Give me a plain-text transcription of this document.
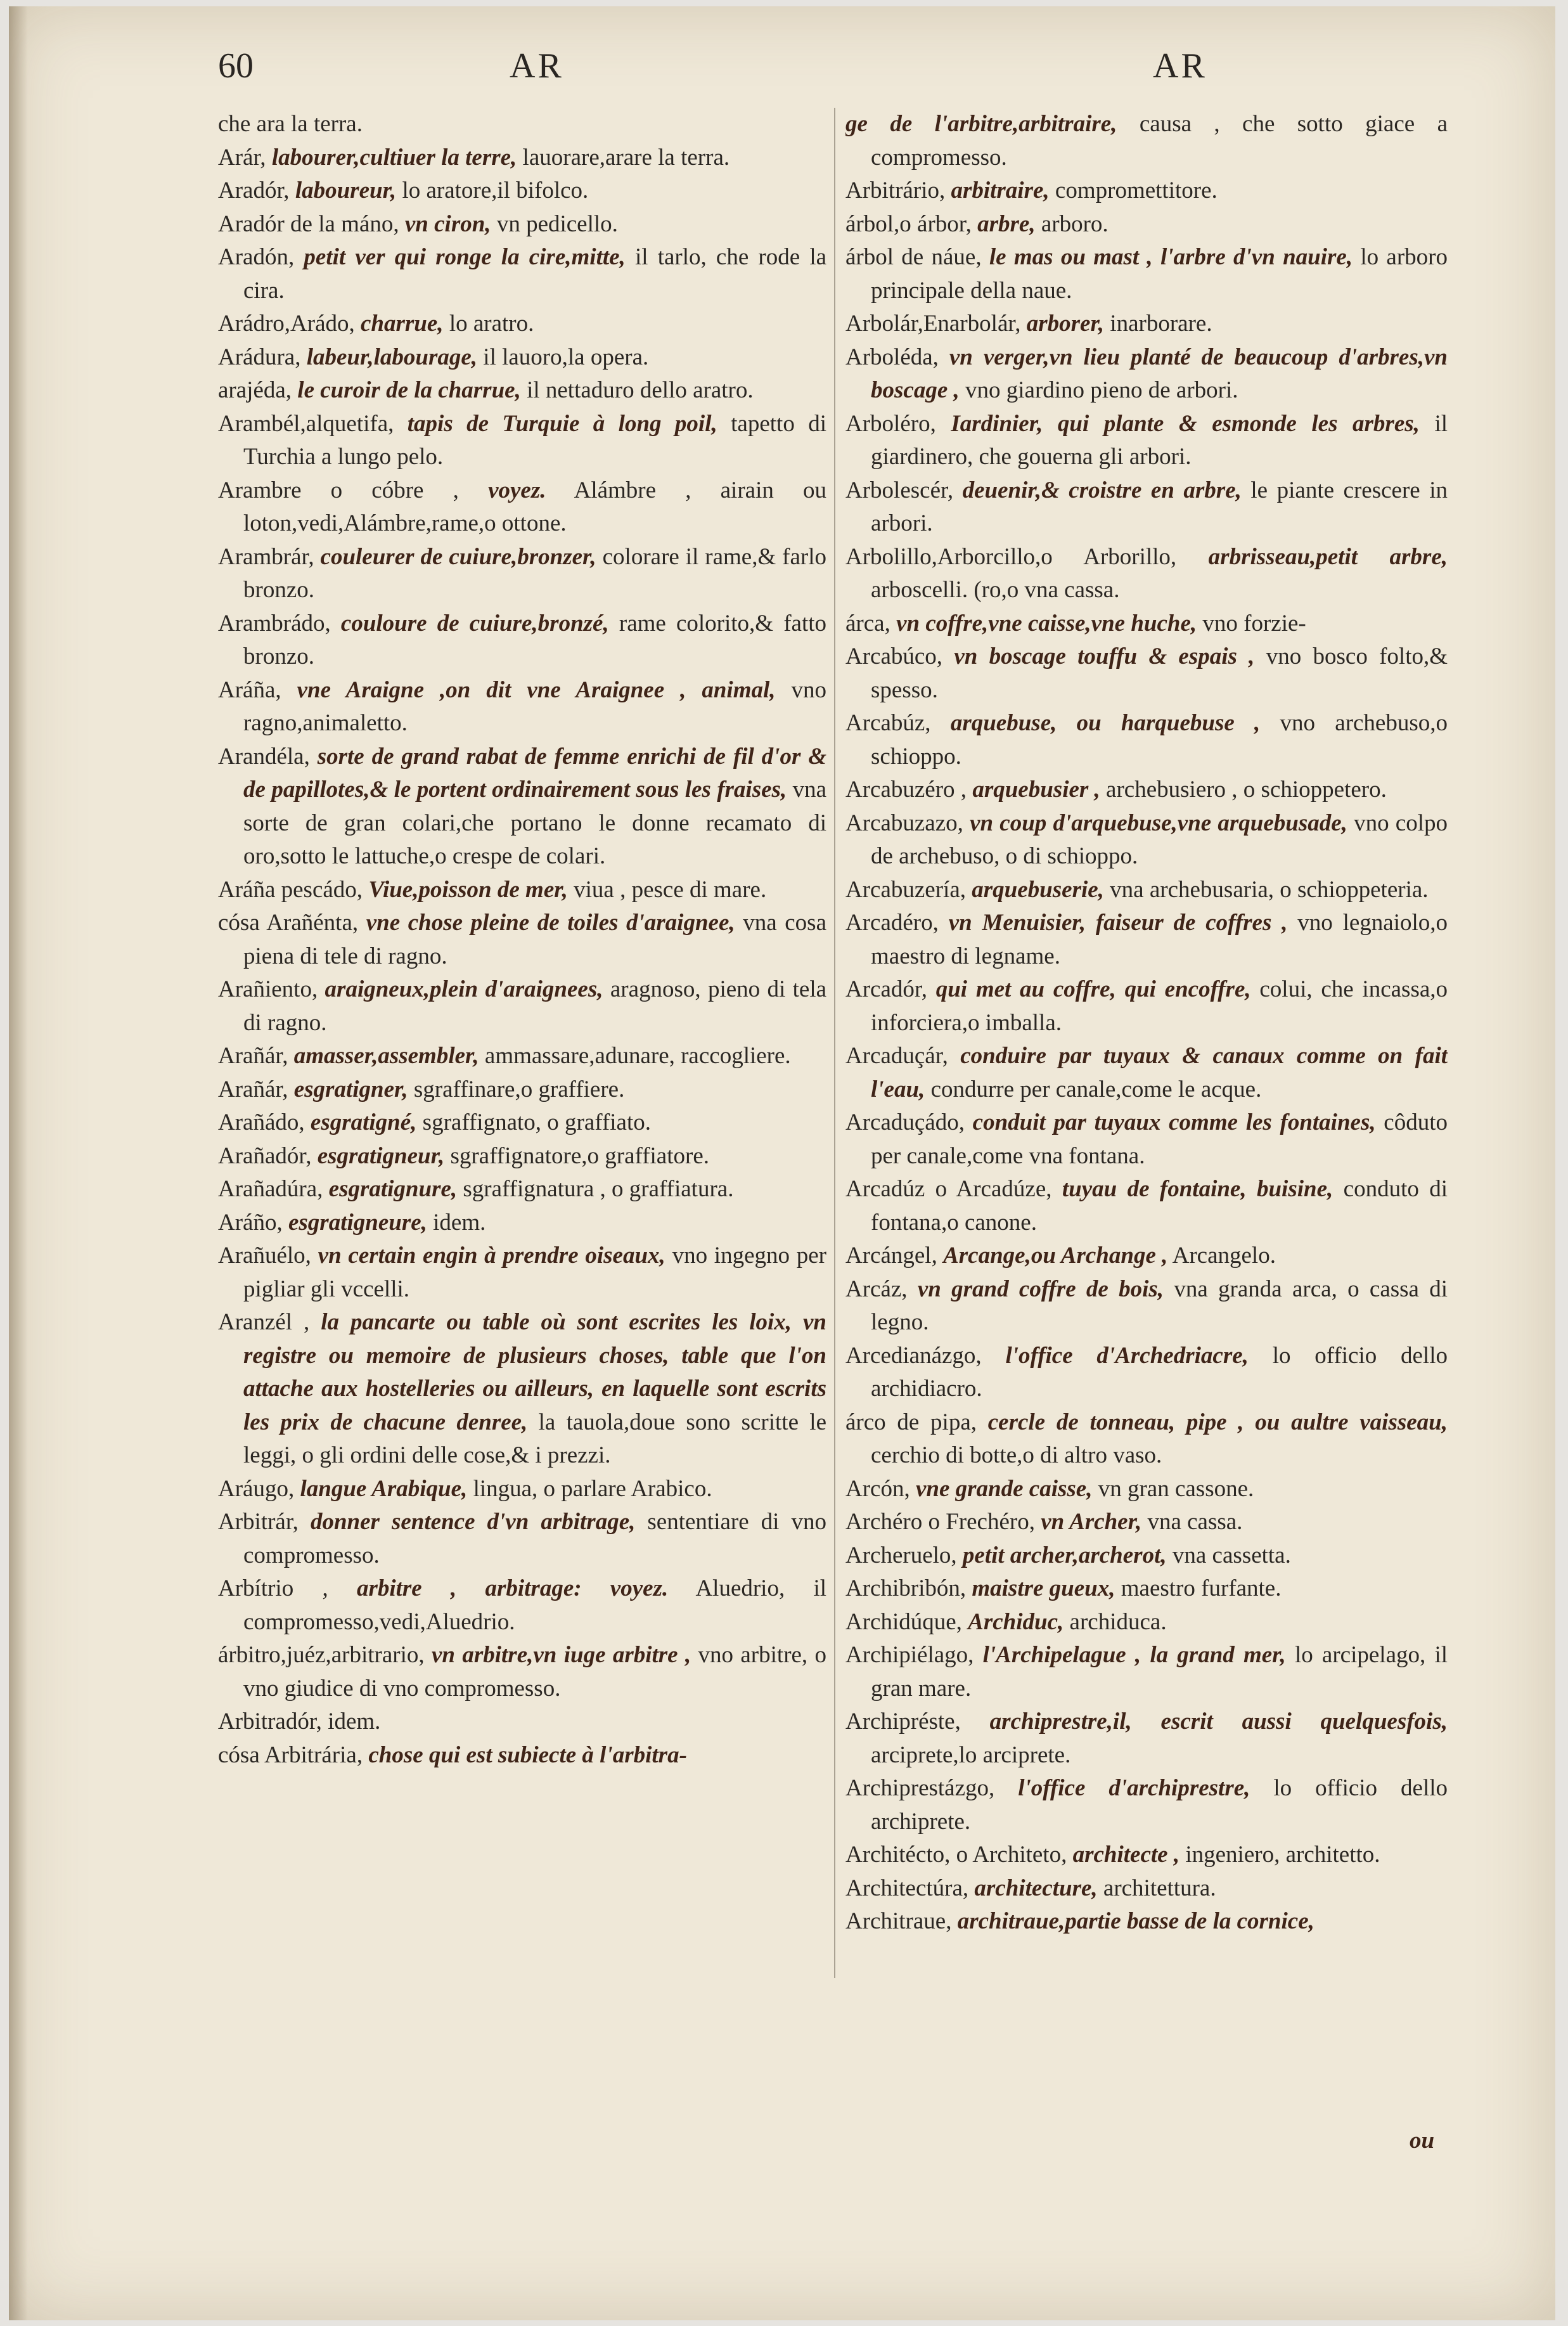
60	AR	AR

che ara la terra.

Arár, labourer,cultiuer la terre, lauorare,arare la terra.

Aradór, laboureur, lo aratore,il bifolco.

Aradór de la máno, vn ciron, vn pedicello.

Aradón, petit ver qui ronge la cire,mitte, il tarlo, che rode la cira.

Arádro,Arádo, charrue, lo aratro.

Arádura, labeur,labourage, il lauoro,la opera.

arajéda, le curoir de la charrue, il nettaduro dello aratro.

Arambél,alquetifa, tapis de Turquie à long poil, tapetto di Turchia a lungo pelo.

Arambre o cóbre , voyez. Alámbre , airain ou loton,vedi,Alámbre,rame,o ottone.

Arambrár, couleurer de cuiure,bronzer, colorare il rame,& farlo bronzo.

Arambrádo, couloure de cuiure,bronzé, rame colorito,& fatto bronzo.

Aráña, vne Araigne ,on dit vne Araignee , animal, vno ragno,animaletto.

Arandéla, sorte de grand rabat de femme enrichi de fil d'or & de papillotes,& le portent ordinairement sous les fraises, vna sorte de gran colari,che portano le donne recamato di oro,sotto le lattuche,o crespe de colari.

Aráña pescádo, Viue,poisson de mer, viua , pesce di mare.

cósa Arañénta, vne chose pleine de toiles d'araignee, vna cosa piena di tele di ragno.

Arañiento, araigneux,plein d'araignees, aragnoso, pieno di tela di ragno.

Arañár, amasser,assembler, ammassare,adunare, raccogliere.

Arañár, esgratigner, sgraffinare,o graffiere.

Arañádo, esgratigné, sgraffignato, o graffiato.

Arañadór, esgratigneur, sgraffignatore,o graffiatore.

Arañadúra, esgratignure, sgraffignatura , o graffiatura.

Aráño, esgratigneure, idem.

Arañuélo, vn certain engin à prendre oiseaux, vno ingegno per pigliar gli vccelli.

Aranzél , la pancarte ou table où sont escrites les loix, vn registre ou memoire de plusieurs choses, table que l'on attache aux hostelleries ou ailleurs, en laquelle sont escrits les prix de chacune denree, la tauola,doue sono scritte le leggi, o gli ordini delle cose,& i prezzi.

Aráugo, langue Arabique, lingua, o parlare Arabico.

Arbitrár, donner sentence d'vn arbitrage, sententiare di vno compromesso.

Arbítrio , arbitre , arbitrage: voyez. Aluedrio, il compromesso,vedi,Aluedrio.

árbitro,juéz,arbitrario, vn arbitre,vn iuge arbitre , vno arbitre, o vno giudice di vno compromesso.

Arbitradór, idem.

cósa Arbitrária, chose qui est subiecte à l'arbitra-

ge de l'arbitre,arbitraire, causa , che sotto giace a compromesso.

Arbitrário, arbitraire, compromettitore.

árbol,o árbor, arbre, arboro.

árbol de náue, le mas ou mast , l'arbre d'vn nauire, lo arboro principale della naue.

Arbolár,Enarbolár, arborer, inarborare.

Arboléda, vn verger,vn lieu planté de beaucoup d'arbres,vn boscage , vno giardino pieno de arbori.

Arboléro, Iardinier, qui plante & esmonde les arbres, il giardinero, che gouerna gli arbori.

Arbolescér, deuenir,& croistre en arbre, le piante crescere in arbori.

Arbolillo,Arborcillo,o Arborillo, arbrisseau,petit arbre, arboscelli. (ro,o vna cassa.

árca, vn coffre,vne caisse,vne huche, vno forzie-

Arcabúco, vn boscage touffu & espais , vno bosco folto,& spesso.

Arcabúz, arquebuse, ou harquebuse , vno archebuso,o schioppo.

Arcabuzéro , arquebusier , archebusiero , o schioppetero.

Arcabuzazo, vn coup d'arquebuse,vne arquebusade, vno colpo de archebuso, o di schioppo.

Arcabuzería, arquebuserie, vna archebusaria, o schioppeteria.

Arcadéro, vn Menuisier, faiseur de coffres , vno legnaiolo,o maestro di legname.

Arcadór, qui met au coffre, qui encoffre, colui, che incassa,o inforciera,o imballa.

Arcaduçár, conduire par tuyaux & canaux comme on fait l'eau, condurre per canale,come le acque.

Arcaduçádo, conduit par tuyaux comme les fontaines, côduto per canale,come vna fontana.

Arcadúz o Arcadúze, tuyau de fontaine, buisine, conduto di fontana,o canone.

Arcángel, Arcange,ou Archange , Arcangelo.

Arcáz, vn grand coffre de bois, vna granda arca, o cassa di legno.

Arcedianázgo, l'office d'Archedriacre, lo officio dello archidiacro.

árco de pipa, cercle de tonneau, pipe , ou aultre vaisseau, cerchio di botte,o di altro vaso.

Arcón, vne grande caisse, vn gran cassone.

Archéro o Frechéro, vn Archer, vna cassa.

Archeruelo, petit archer,archerot, vna cassetta.

Archibribón, maistre gueux, maestro furfante.

Archidúque, Archiduc, archiduca.

Archipiélago, l'Archipelague , la grand mer, lo arcipelago, il gran mare.

Archipréste, archiprestre,il, escrit aussi quelquesfois, arciprete,lo arciprete.

Archiprestázgo, l'office d'archiprestre, lo officio dello archiprete.

Architécto, o Architeto, architecte , ingeniero, architetto.

Architectúra, architecture, architettura.

Architraue, architraue,partie basse de la cornice,

ou
